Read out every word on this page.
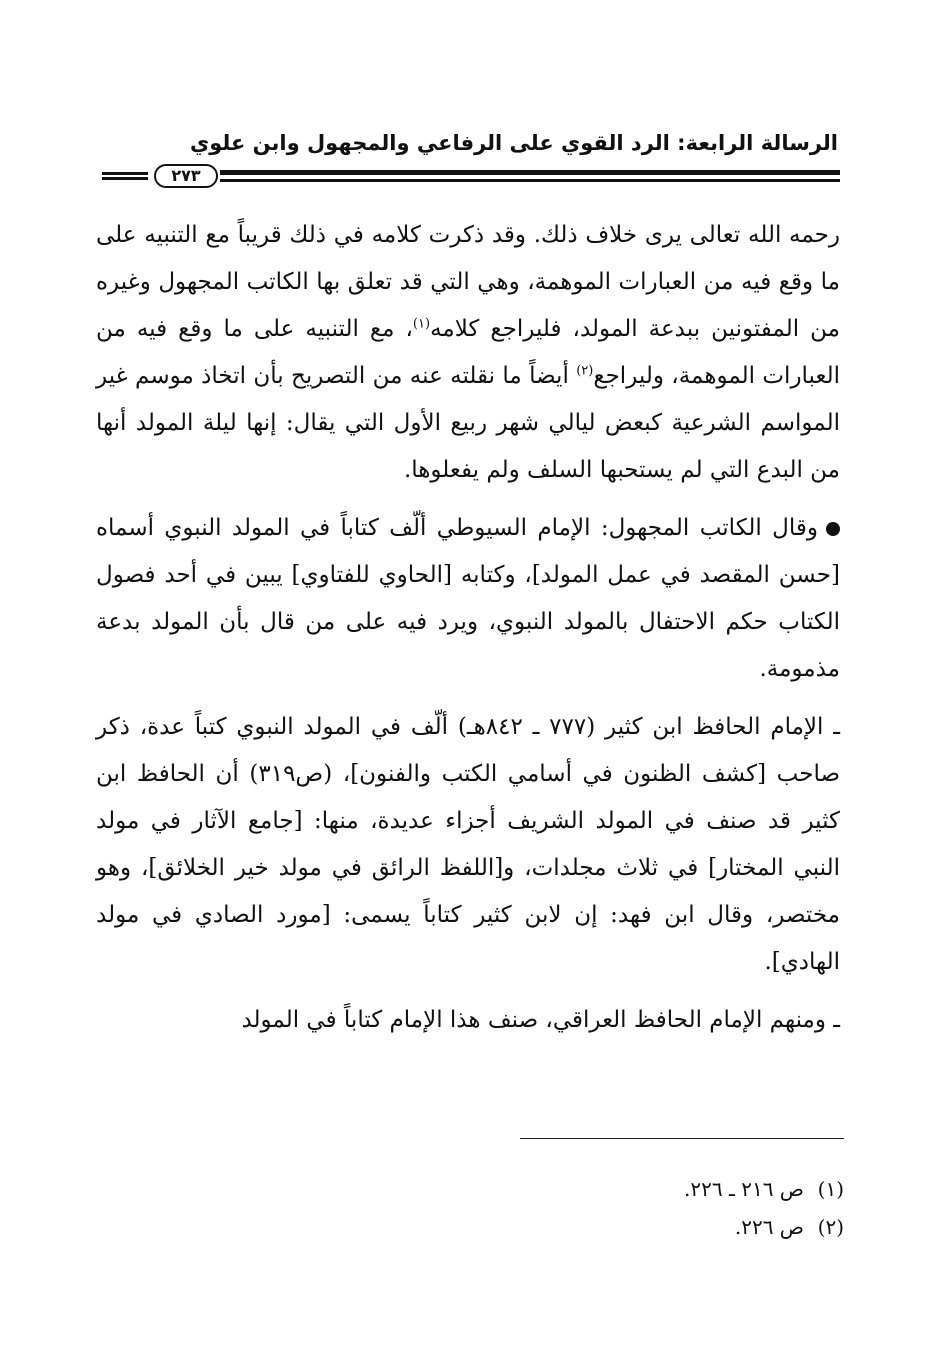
الرسالة الرابعة: الرد القوي على الرفاعي والمجهول وابن علوي
٢٧٣

رحمه الله تعالى يرى خلاف ذلك. وقد ذكرت كلامه في ذلك قريباً مع التنبيه على ما وقع فيه من العبارات الموهمة، وهي التي قد تعلق بها الكاتب المجهول وغيره من المفتونين ببدعة المولد، فليراجع كلامه$^{(١)}$، مع التنبيه على ما وقع فيه من العبارات الموهمة، وليراجع$^{(٢)}$ أيضاً ما نقلته عنه من التصريح بأن اتخاذ موسم غير المواسم الشرعية كبعض ليالي شهر ربيع الأول التي يقال: إنها ليلة المولد أنها من البدع التي لم يستحبها السلف ولم يفعلوها.

وقال الكاتب المجهول: الإمام السيوطي ألّف كتاباً في المولد النبوي أسماه [حسن المقصد في عمل المولد]، وكتابه [الحاوي للفتاوي] يبين في أحد فصول الكتاب حكم الاحتفال بالمولد النبوي، ويرد فيه على من قال بأن المولد بدعة مذمومة.

ـ الإمام الحافظ ابن كثير (٧٧٧ ـ ٨٤٢هـ) ألّف في المولد النبوي كتباً عدة، ذكر صاحب [كشف الظنون في أسامي الكتب والفنون]، (ص٣١٩) أن الحافظ ابن كثير قد صنف في المولد الشريف أجزاء عديدة، منها: [جامع الآثار في مولد النبي المختار] في ثلاث مجلدات، و[اللفظ الرائق في مولد خير الخلائق]، وهو مختصر، وقال ابن فهد: إن لابن كثير كتاباً يسمى: [مورد الصادي في مولد الهادي].

ـ ومنهم الإمام الحافظ العراقي، صنف هذا الإمام كتاباً في المولد

(١)ص ٢١٦ ـ ٢٢٦.
(٢)ص ٢٢٦.
